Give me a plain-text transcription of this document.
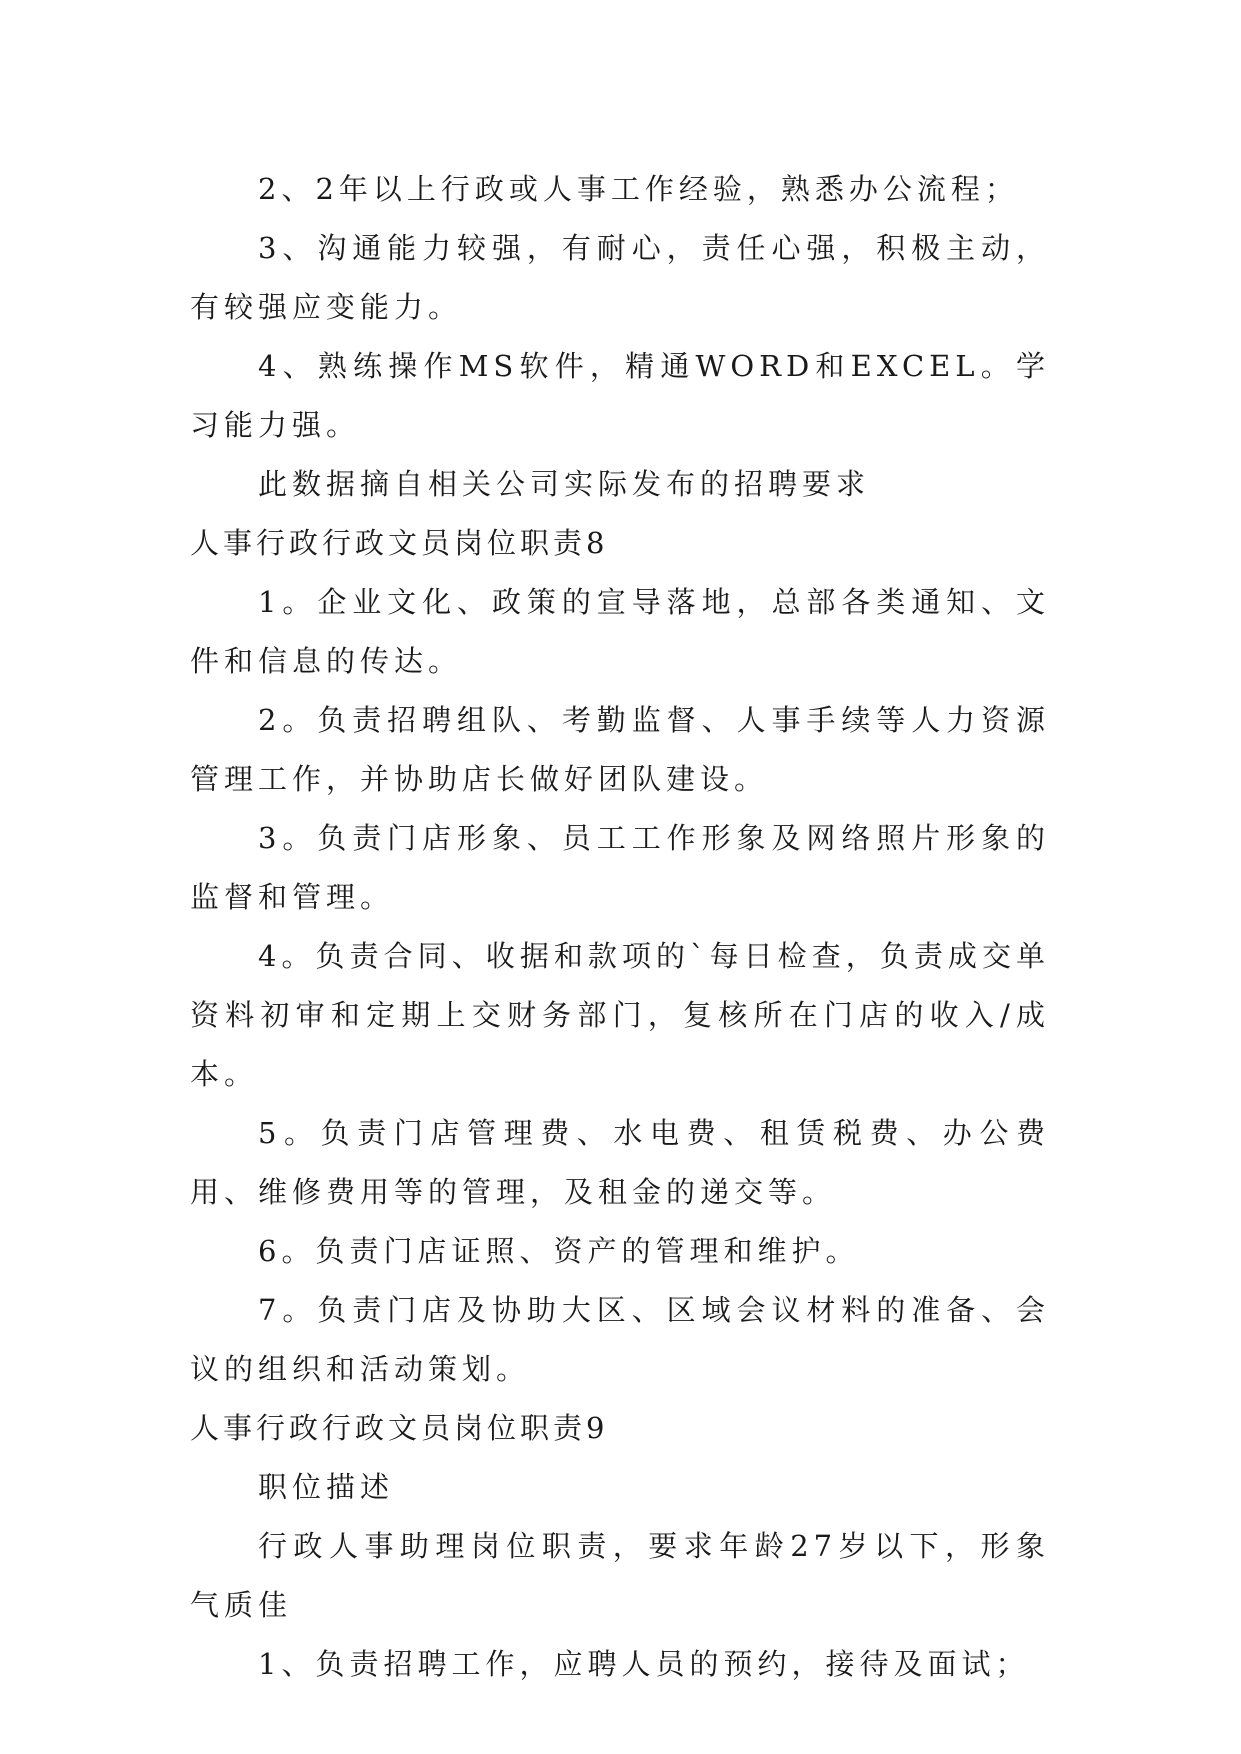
2、2年以上行政或人事工作经验，熟悉办公流程；

3、沟通能力较强，有耐心，责任心强，积极主动，有较强应变能力。

4、熟练操作MS软件，精通WORD和EXCEL。学习能力强。

此数据摘自相关公司实际发布的招聘要求

人事行政行政文员岗位职责8

1。企业文化、政策的宣导落地，总部各类通知、文件和信息的传达。

2。负责招聘组队、考勤监督、人事手续等人力资源管理工作，并协助店长做好团队建设。

3。负责门店形象、员工工作形象及网络照片形象的监督和管理。

4。负责合同、收据和款项的`每日检查，负责成交单资料初审和定期上交财务部门，复核所在门店的收入/成本。

5。负责门店管理费、水电费、租赁税费、办公费用、维修费用等的管理，及租金的递交等。

6。负责门店证照、资产的管理和维护。

7。负责门店及协助大区、区域会议材料的准备、会议的组织和活动策划。

人事行政行政文员岗位职责9

职位描述

行政人事助理岗位职责，要求年龄27岁以下，形象气质佳

1、负责招聘工作，应聘人员的预约，接待及面试；
